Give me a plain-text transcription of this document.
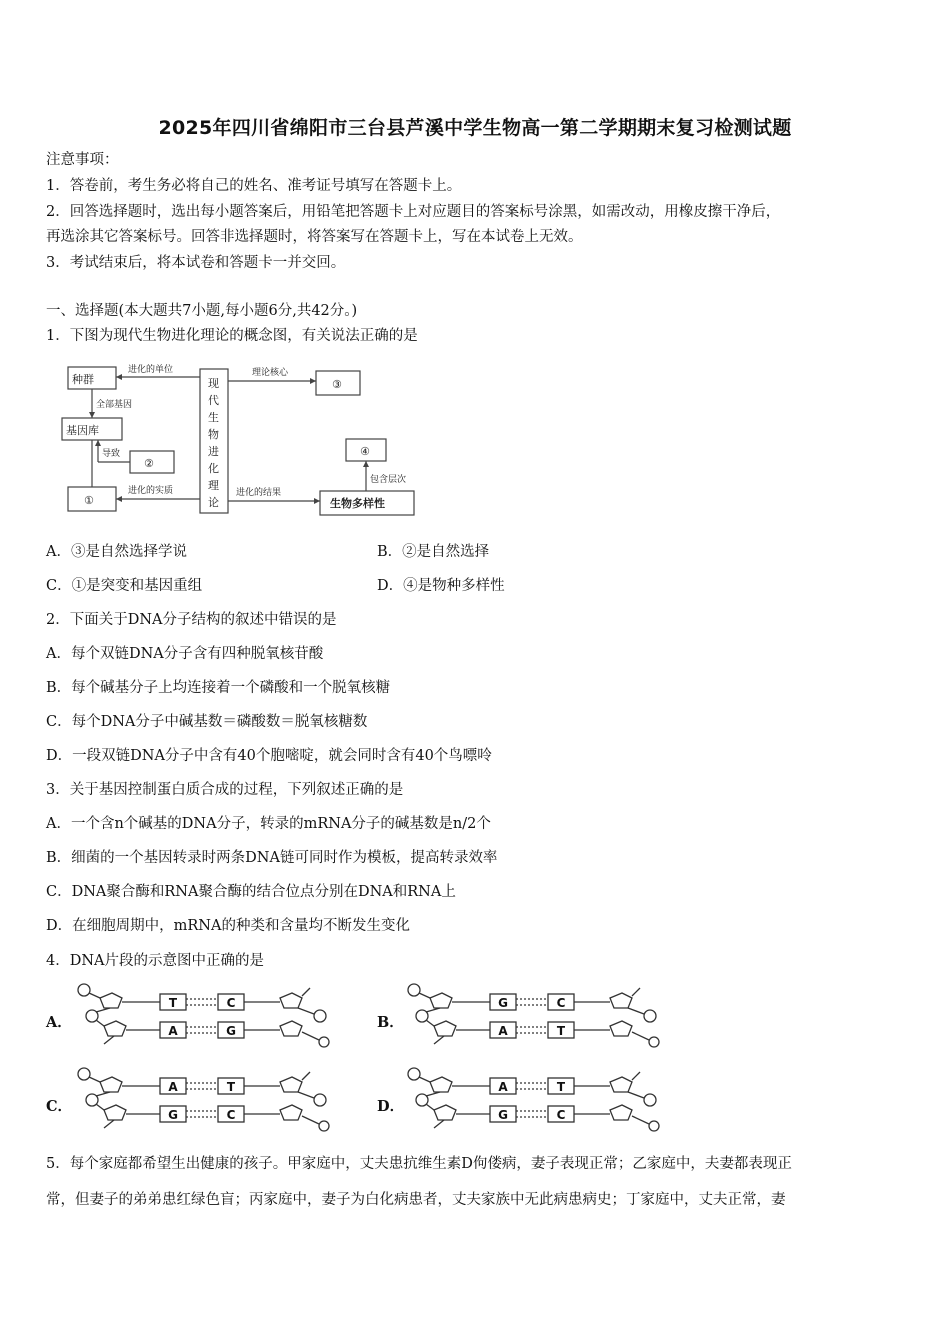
2025年四川省绵阳市三台县芦溪中学生物高一第二学期期末复习检测试题
注意事项：
1．答卷前，考生务必将自己的姓名、准考证号填写在答题卡上。
2．回答选择题时，选出每小题答案后，用铅笔把答题卡上对应题目的答案标号涂黑，如需改动，用橡皮擦干净后，
再选涂其它答案标号。回答非选择题时，将答案写在答题卡上，写在本试卷上无效。
3．考试结束后，将本试卷和答题卡一并交回。
一、选择题(本大题共7小题,每小题6分,共42分。)
1．下图为现代生物进化理论的概念图，有关说法正确的是
种群
进化的单位
全部基因
基因库
导致
②
①
进化的实质
现
代
生
物
进
化
理
论
理论核心
③
④
包含层次
进化的结果
生物多样性
A．③是自然选择学说	B．②是自然选择
C．①是突变和基因重组	D．④是物种多样性
2．下面关于DNA分子结构的叙述中错误的是
A．每个双链DNA分子含有四种脱氧核苷酸
B．每个碱基分子上均连接着一个磷酸和一个脱氧核糖
C．每个DNA分子中碱基数＝磷酸数＝脱氧核糖数
D．一段双链DNA分子中含有40个胞嘧啶，就会同时含有40个鸟嘌呤
3．关于基因控制蛋白质合成的过程，下列叙述正确的是
A．一个含n个碱基的DNA分子，转录的mRNA分子的碱基数是n/2个
B．细菌的一个基因转录时两条DNA链可同时作为模板，提高转录效率
C．DNA聚合酶和RNA聚合酶的结合位点分别在DNA和RNA上
D．在细胞周期中，mRNA的种类和含量均不断发生变化
4．DNA片段的示意图中正确的是
A．
T	C
A	G	B．
G	C
A	T
C．
A	T
G	C	D．
A	T
G	C
5．每个家庭都希望生出健康的孩子。甲家庭中，丈夫患抗维生素D佝偻病，妻子表现正常；乙家庭中，夫妻都表现正
常，但妻子的弟弟患红绿色盲；丙家庭中，妻子为白化病患者，丈夫家族中无此病患病史；丁家庭中，丈夫正常，妻
